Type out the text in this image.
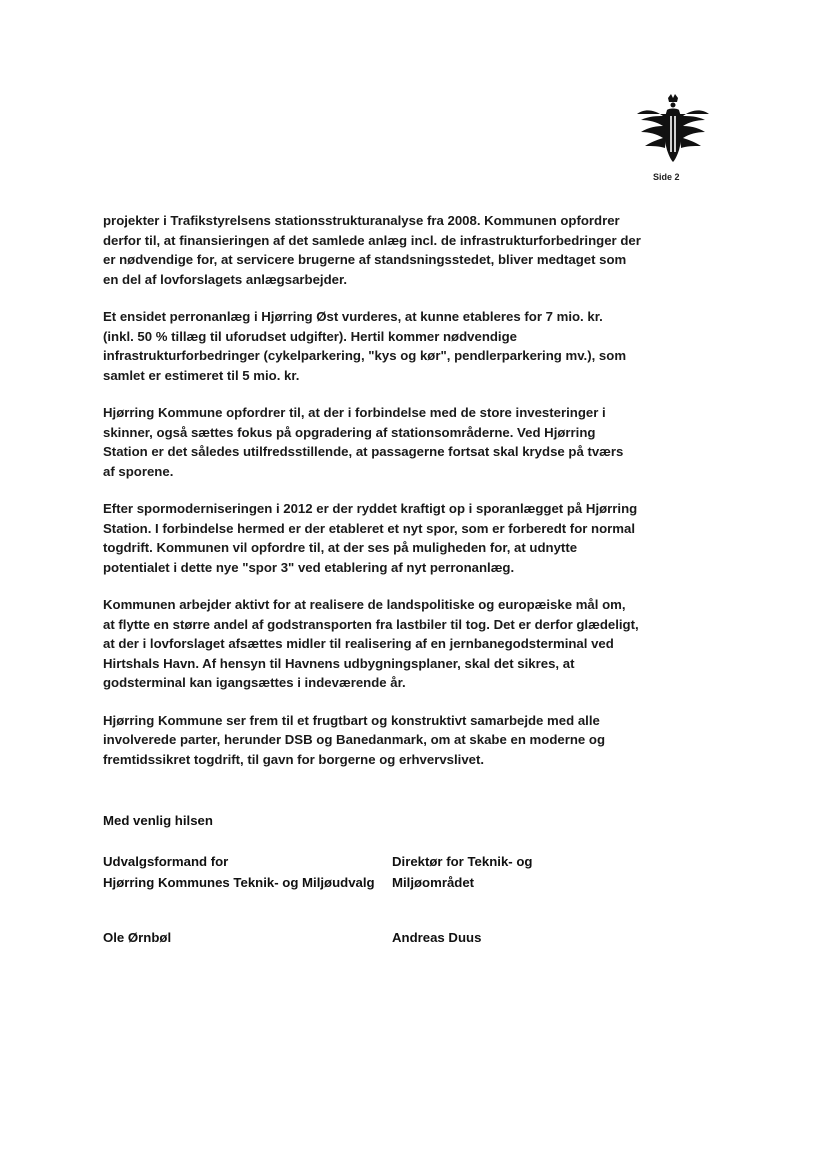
Side 2
projekter i Trafikstyrelsens stationsstrukturanalyse fra 2008. Kommunen opfordrer
derfor til, at finansieringen af det samlede anlæg incl. de infrastrukturforbedringer der
er nødvendige for, at servicere brugerne af standsningsstedet, bliver medtaget som
en del af lovforslagets anlægsarbejder.
Et ensidet perronanlæg i Hjørring Øst vurderes, at kunne etableres for 7 mio. kr.
(inkl. 50 % tillæg til uforudset udgifter). Hertil kommer nødvendige
infrastrukturforbedringer (cykelparkering, "kys og kør", pendlerparkering mv.), som
samlet er estimeret til 5 mio. kr.
Hjørring Kommune opfordrer til, at der i forbindelse med de store investeringer i
skinner, også sættes fokus på opgradering af stationsområderne. Ved Hjørring
Station er det således utilfredsstillende, at passagerne fortsat skal krydse på tværs
af sporene.
Efter spormoderniseringen i 2012 er der ryddet kraftigt op i sporanlægget på Hjørring
Station. I forbindelse hermed er der etableret et nyt spor, som er forberedt for normal
togdrift. Kommunen vil opfordre til, at der ses på muligheden for, at udnytte
potentialet i dette nye "spor 3" ved etablering af nyt perronanlæg.
Kommunen arbejder aktivt for at realisere de landspolitiske og europæiske mål om,
at flytte en større andel af godstransporten fra lastbiler til tog. Det er derfor glædeligt,
at der i lovforslaget afsættes midler til realisering af en jernbanegodsterminal ved
Hirtshals Havn. Af hensyn til Havnens udbygningsplaner, skal det sikres, at
godsterminal kan igangsættes i indeværende år.
Hjørring Kommune ser frem til et frugtbart og konstruktivt samarbejde med alle
involverede parter, herunder DSB og Banedanmark, om at skabe en moderne og
fremtidssikret togdrift, til gavn for borgerne og erhvervslivet.
Med venlig hilsen
Udvalgsformand for
Hjørring Kommunes Teknik- og Miljøudvalg
Direktør for Teknik- og
Miljøområdet
Ole Ørnbøl	Andreas Duus
